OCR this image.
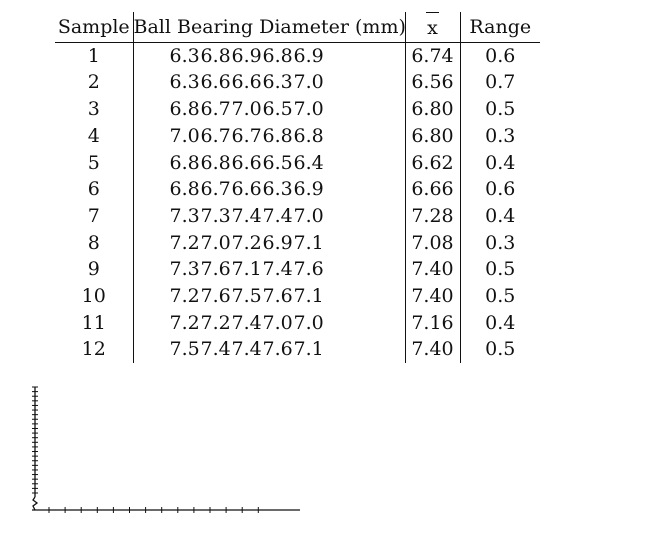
Sample	Ball Bearing Diameter (mm)	x	Range
1	6.3 6.8 6.9 6.8 6.9	6.74	0.6
2	6.3 6.6 6.6 6.3 7.0	6.56	0.7
3	6.8 6.7 7.0 6.5 7.0	6.80	0.5
4	7.0 6.7 6.7 6.8 6.8	6.80	0.3
5	6.8 6.8 6.6 6.5 6.4	6.62	0.4
6	6.8 6.7 6.6 6.3 6.9	6.66	0.6
7	7.3 7.3 7.4 7.4 7.0	7.28	0.4
8	7.2 7.0 7.2 6.9 7.1	7.08	0.3
9	7.3 7.6 7.1 7.4 7.6	7.40	0.5
10	7.2 7.6 7.5 7.6 7.1	7.40	0.5
11	7.2 7.2 7.4 7.0 7.0	7.16	0.4
12	7.5 7.4 7.4 7.6 7.1	7.40	0.5
